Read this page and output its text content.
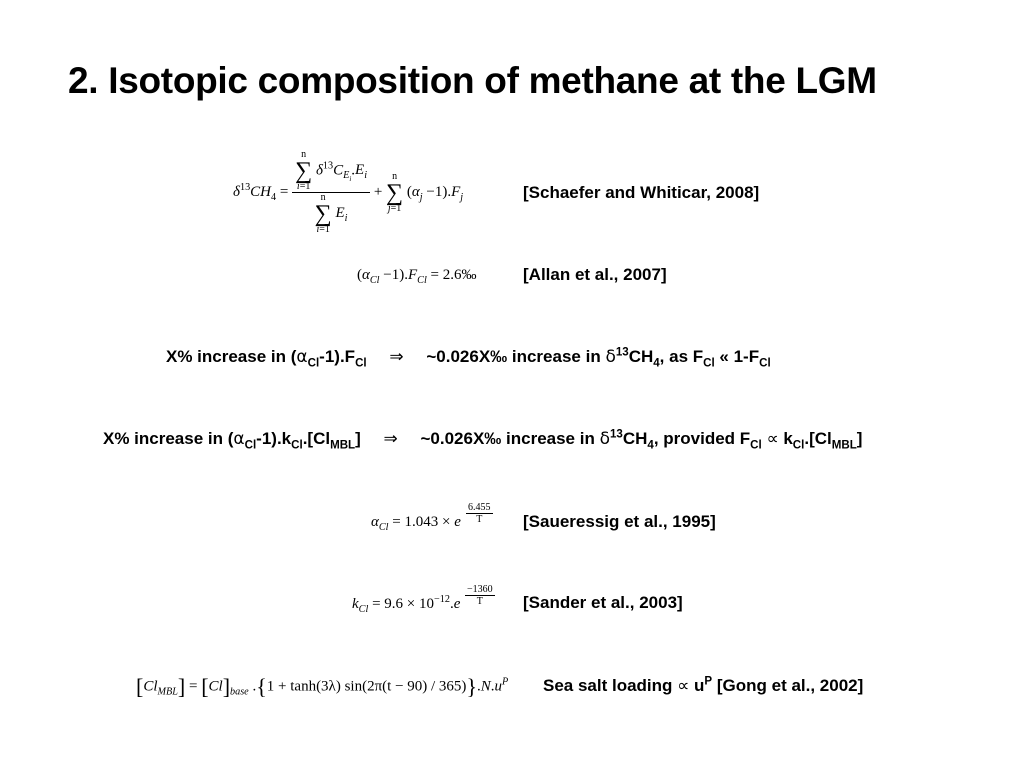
2. Isotopic composition of methane at the LGM
$\delta^{13}CH_4 = n$
∑
i=1 $\delta^{13}C_{E_i}.E_i$
n
∑
i=1 $E_i + n$
∑
j=1 $(\alpha_j -1).F_j$	[Schaefer and Whiticar, 2008]
$(\alpha_{Cl} -1).F_{Cl}$ = 2.6‰	[Allan et al., 2007]
X% increase in $(\alpha_{Cl}-1).F_{Cl}$ ⇒ ~0.026X‰ increase in $\delta^{13}CH_4$, as $F_{Cl}$ « $1-F_{Cl}$
X% increase in $(\alpha_{Cl}-1).k_{Cl}.[Cl_{MBL}]$ ⇒ ~0.026X‰ increase in $\delta^{13}CH_4$, provided $F_{Cl} \propto k_{Cl}.[Cl_{MBL}]$
$\alpha_{Cl} = 1.043 \times e$
6.455
T	[Saueressig et al., 1995]
$k_{Cl} = 9.6 \times 10^{-12}.e$
−1360
T	[Sander et al., 2003]
$[Cl_{MBL}] = [Cl]_{base}$ .{1 + tanh(3λ) $\sin(2\pi(t - 90) / 365)\}.N.u^P$ Sea salt loading ∝ $u^P$ [Gong et al., 2002]
